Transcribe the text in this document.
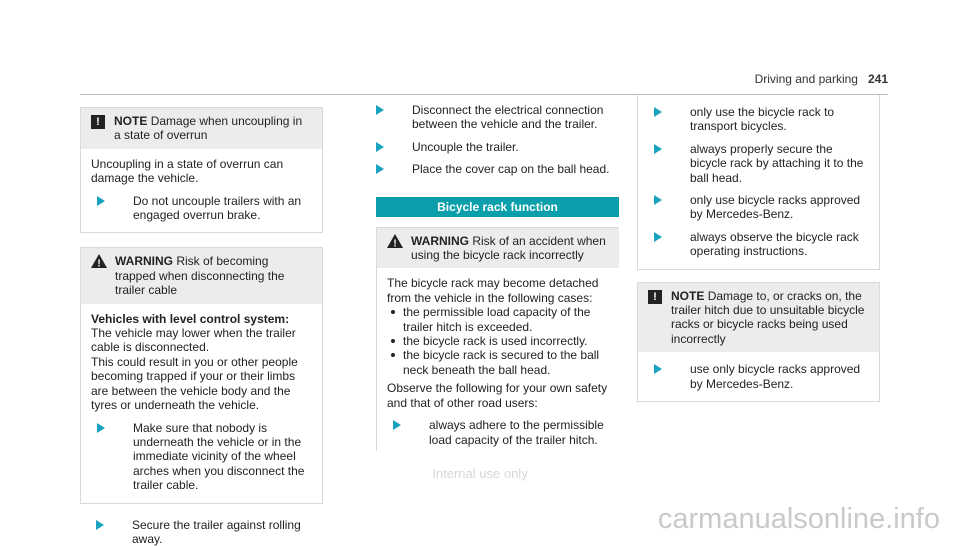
Driving and parking 241
!	NOTE Damage when uncoupling in a state of overrun

Uncoupling in a state of overrun can damage the vehicle.

Do not uncouple trailers with an engaged overrun brake.
! WARNING Risk of becoming trapped when disconnecting the trailer cable

Vehicles with level control system: The vehicle may lower when the trailer cable is disconnected.

This could result in you or other people becoming trapped if your or their limbs are between the vehicle body and the tyres or underneath the vehicle.

Make sure that nobody is underneath the vehicle or in the immediate vicinity of the wheel arches when you disconnect the trailer cable.
Secure the trailer against rolling away.
Disconnect the electrical connection between the vehicle and the trailer.
Uncouple the trailer.
Place the cover cap on the ball head.
Bicycle rack function
! WARNING Risk of an accident when using the bicycle rack incorrectly

The bicycle rack may become detached from the vehicle in the following cases:

the permissible load capacity of the trailer hitch is exceeded.
the bicycle rack is used incorrectly.
the bicycle rack is secured to the ball neck beneath the ball head.

Observe the following for your own safety and that of other road users:

always adhere to the permissible load capacity of the trailer hitch.
only use the bicycle rack to transport bicycles.
always properly secure the bicycle rack by attaching it to the ball head.
only use bicycle racks approved by Mercedes-Benz.
always observe the bicycle rack operating instructions.
!	NOTE Damage to, or cracks on, the trailer hitch due to unsuitable bicycle racks or bicycle racks being used incorrectly
use only bicycle racks approved by Mercedes-Benz.
Internal use only
carmanualsonline.info
